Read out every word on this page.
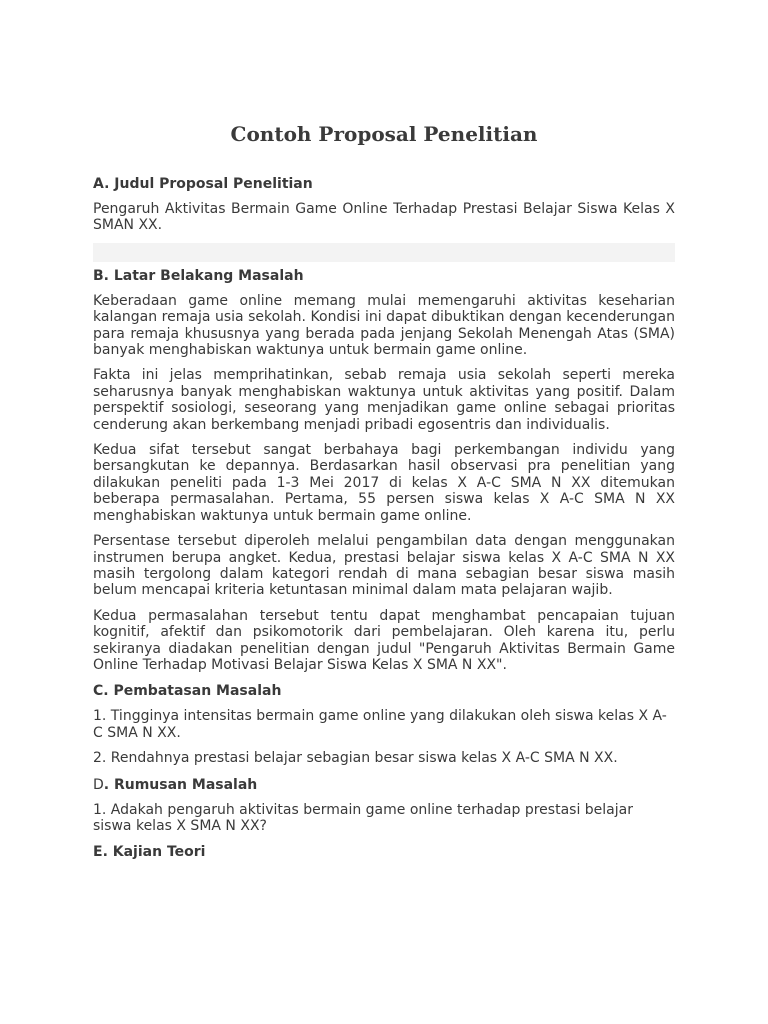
Contoh Proposal Penelitian
A. Judul Proposal Penelitian

Pengaruh Aktivitas Bermain Game Online Terhadap Prestasi Belajar Siswa Kelas X SMAN XX.

B. Latar Belakang Masalah

Keberadaan game online memang mulai memengaruhi aktivitas keseharian kalangan remaja usia sekolah. Kondisi ini dapat dibuktikan dengan kecenderungan para remaja khususnya yang berada pada jenjang Sekolah Menengah Atas (SMA) banyak menghabiskan waktunya untuk bermain game online.

Fakta ini jelas memprihatinkan, sebab remaja usia sekolah seperti mereka seharusnya banyak menghabiskan waktunya untuk aktivitas yang positif. Dalam perspektif sosiologi, seseorang yang menjadikan game online sebagai prioritas cenderung akan berkembang menjadi pribadi egosentris dan individualis.

Kedua sifat tersebut sangat berbahaya bagi perkembangan individu yang bersangkutan ke depannya. Berdasarkan hasil observasi pra penelitian yang dilakukan peneliti pada 1-3 Mei 2017 di kelas X A-C SMA N XX ditemukan beberapa permasalahan. Pertama, 55 persen siswa kelas X A-C SMA N XX menghabiskan waktunya untuk bermain game online.

Persentase tersebut diperoleh melalui pengambilan data dengan menggunakan instrumen berupa angket. Kedua, prestasi belajar siswa kelas X A-C SMA N XX masih tergolong dalam kategori rendah di mana sebagian besar siswa masih belum mencapai kriteria ketuntasan minimal dalam mata pelajaran wajib.

Kedua permasalahan tersebut tentu dapat menghambat pencapaian tujuan kognitif, afektif dan psikomotorik dari pembelajaran. Oleh karena itu, perlu sekiranya diadakan penelitian dengan judul "Pengaruh Aktivitas Bermain Game Online Terhadap Motivasi Belajar Siswa Kelas X SMA N XX".

C. Pembatasan Masalah

1. Tingginya intensitas bermain game online yang dilakukan oleh siswa kelas X A-C SMA N XX.

2. Rendahnya prestasi belajar sebagian besar siswa kelas X A-C SMA N XX.

D. Rumusan Masalah

1. Adakah pengaruh aktivitas bermain game online terhadap prestasi belajar siswa kelas X SMA N XX?

E. Kajian Teori
